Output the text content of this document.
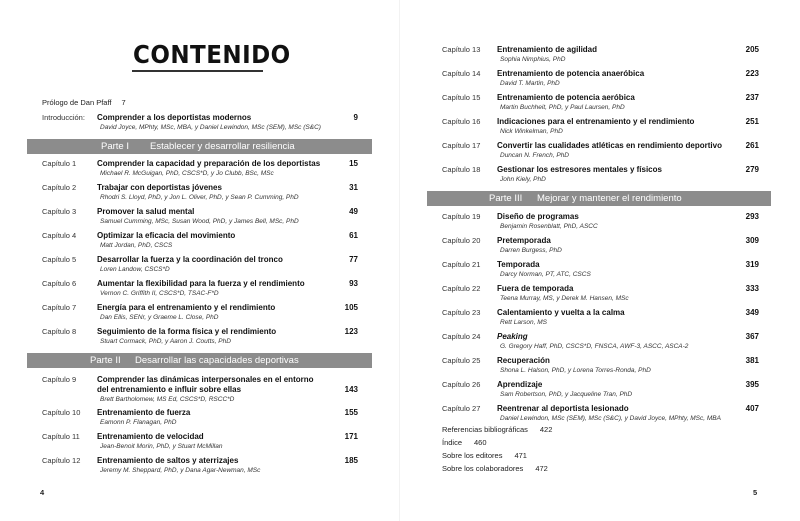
CONTENIDO
Prólogo de Dan Pfaff 7
Introducción: Comprender a los deportistas modernos	9
David Joyce, MPhty, MSc, MBA, y Daniel Lewindon, MSc (SEM), MSc (S&C)
Parte I Establecer y desarrollar resiliencia
Capítulo 1	Comprender la capacidad y preparación de los deportistas	15
Michael R. McGuigan, PhD, CSCS*D, y Jo Clubb, BSc, MSc
Capítulo 2	Trabajar con deportistas jóvenes	31
Rhodri S. Lloyd, PhD, y Jon L. Oliver, PhD, y Sean P. Cumming, PhD
Capítulo 3	Promover la salud mental	49
Samuel Cumming, MSc, Susan Wood, PhD, y James Bell, MSc, PhD
Capítulo 4	Optimizar la eficacia del movimiento	61
Matt Jordan, PhD, CSCS
Capítulo 5	Desarrollar la fuerza y la coordinación del tronco	77
Loren Landow, CSCS*D
Capítulo 6	Aumentar la flexibilidad para la fuerza y el rendimiento	93
Vernon C. Griffith II, CSCS*D, TSAC-F*D
Capítulo 7	Energía para el entrenamiento y el rendimiento	105
Dan Ellis, SENr, y Graeme L. Close, PhD
Capítulo 8	Seguimiento de la forma física y el rendimiento	123
Stuart Cormack, PhD, y Aaron J. Coutts, PhD
Parte II Desarrollar las capacidades deportivas
Capítulo 9	Comprender las dinámicas interpersonales en el entorno
del entrenamiento e influir sobre ellas	143
Brett Bartholomew, MS Ed, CSCS*D, RSCC*D
Capítulo 10 Entrenamiento de fuerza	155
Eamonn P. Flanagan, PhD
Capítulo 11 Entrenamiento de velocidad	171
Jean-Benoit Morin, PhD, y Stuart McMillan
Capítulo 12 Entrenamiento de saltos y aterrizajes	185
Jeremy M. Sheppard, PhD, y Dana Agar-Newman, MSc
4
Capítulo 13 Entrenamiento de agilidad	205
Sophia Nimphius, PhD
Capítulo 14 Entrenamiento de potencia anaeróbica	223
David T. Martin, PhD
Capítulo 15 Entrenamiento de potencia aeróbica	237
Martin Buchheit, PhD, y Paul Laursen, PhD
Capítulo 16 Indicaciones para el entrenamiento y el rendimiento	251
Nick Winkelman, PhD
Capítulo 17 Convertir las cualidades atléticas en rendimiento deportivo	261
Duncan N. French, PhD
Capítulo 18 Gestionar los estresores mentales y físicos	279
John Kiely, PhD
Parte III Mejorar y mantener el rendimiento
Capítulo 19 Diseño de programas	293
Benjamin Rosenblatt, PhD, ASCC
Capítulo 20 Pretemporada	309
Darren Burgess, PhD
Capítulo 21 Temporada	319
Darcy Norman, PT, ATC, CSCS
Capítulo 22 Fuera de temporada	333
Teena Murray, MS, y Derek M. Hansen, MSc
Capítulo 23 Calentamiento y vuelta a la calma	349
Rett Larson, MS
Capítulo 24 Peaking	367
G. Gregory Haff, PhD, CSCS*D, FNSCA, AWF-3, ASCC, ASCA-2
Capítulo 25 Recuperación	381
Shona L. Halson, PhD, y Lorena Torres-Ronda, PhD
Capítulo 26 Aprendizaje	395
Sam Robertson, PhD, y Jacqueline Tran, PhD
Capítulo 27 Reentrenar al deportista lesionado	407
Daniel Lewindon, MSc (SEM), MSc (S&C), y David Joyce, MPhty, MSc, MBA
Referencias bibliográficas 422
Índice 460
Sobre los editores 471
Sobre los colaboradores 472
5
